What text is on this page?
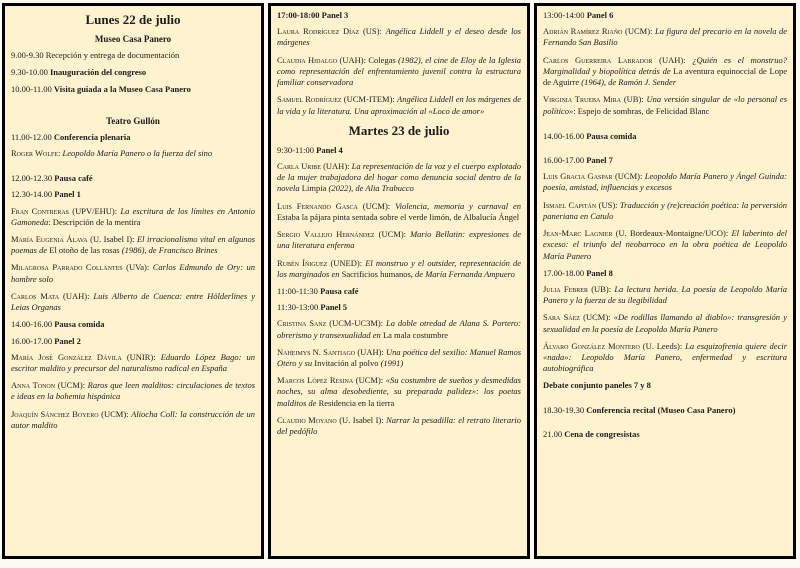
Lunes 22 de julio
Museo Casa Panero
9.00-9.30 Recepción y entrega de documentación
9.30-10.00 Inauguración del congreso
10.00-11.00 Visita guiada a la Museo Casa Panero
Teatro Gullón
11.00-12.00 Conferencia plenaria
Roger Wolfe: Leopoldo María Panero o la fuerza del sino
12.00-12.30 Pausa café
12.30-14.00 Panel 1
Fran Contreras (UPV/EHU): La escritura de los límites en Antonio Gamoneda: Descripción de la mentira
María Eugenia Álava (U. Isabel I): El irracionalismo vital en algunos poemas de El otoño de las rosas (1986), de Francisco Brines
Milagrosa Parrado Collantes (UVa): Carlos Edmundo de Ory: un hombre solo
Carlos Mata (UAH): Luis Alberto de Cuenca: entre Hölderlines y Leias Organas
14.00-16.00 Pausa comida
16.00-17.00 Panel 2
María José González Dávila (UNIR): Eduardo López Bago: un escritor maldito y precursor del naturalismo radical en España
Anna Tonon (UCM): Raros que leen malditos: circulaciones de textos e ideas en la bohemia hispánica
Joaquín Sánchez Boyero (UCM): Aliocha Coll: la construcción de un autor maldito
17:00-18:00 Panel 3
Laura Rodríguez Díaz (US): Angélica Liddell y el deseo desde los márgenes
Claudia Hidalgo (UAH): Colegas (1982), el cine de Eloy de la Iglesia como representación del enfrentamiento juvenil contra la estructura familiar conservadora
Samuel Rodríguez (UCM-ITEM): Angélica Liddell en los márgenes de la vida y la literatura. Una aproximación al «Loco de amor»
Martes 23 de julio
9:30-11:00 Panel 4
Carla Uribe (UAH): La representación de la voz y el cuerpo explotado de la mujer trabajadora del hogar como denuncia social dentro de la novela Limpia (2022), de Alia Trabucco
Luis Fernando Gasca (UCM): Violencia, memoria y carnaval en Estaba la pájara pinta sentada sobre el verde limón, de Albalucía Ángel
Sergio Vallejo Hernández (UCM): Mario Bellatin: expresiones de una literatura enferma
Rubén Íñiguez (UNED): El monstruo y el outsider, representación de los marginados en Sacrificios humanos, de María Fernanda Ampuero
11:00-11:30 Pausa café
11:30-13:00 Panel 5
Cristina Sanz (UCM-UC3M): La doble otredad de Alana S. Portero: obrerismo y transexualidad en La mala costumbre
Naheimys N. Santiago (UAH): Una poética del sexilio: Manuel Ramos Otero y su Invitación al polvo (1991)
Marcos López Resina (UCM): «Su costumbre de sueños y desmedidas noches, su alma desobediente, su preparada palidez»: los poetas malditos de Residencia en la tierra
Claudio Moyano (U. Isabel I): Narrar la pesadilla: el retrato literario del pedófilo
13:00-14:00 Panel 6
Adrián Ramírez Riaño (UCM): La figura del precario en la novela de Fernando San Basilio
Carlos Guerreira Labrador (UAH): ¿Quién es el monstruo? Marginalidad y biopolítica detrás de La aventura equinoccial de Lope de Aguirre (1964), de Ramón J. Sender
Virginia Trueba Mira (UB): Una versión singular de «lo personal es político»: Espejo de sombras, de Felicidad Blanc
14.00-16.00 Pausa comida
16.00-17.00 Panel 7
Luis Gracia Gaspar (UCM): Leopoldo María Panero y Ángel Guinda: poesía, amistad, influencias y excesos
Ismael Capitán (US): Traducción y (re)creación poética: la perversión paneriana en Catulo
Jean-Marc Lagnier (U. Bordeaux-Montaigne/UCO): El laberinto del exceso: el triunfo del neobarroco en la obra poética de Leopoldo María Panero
17.00-18.00 Panel 8
Julia Febrer (UB): La lectura herida. La poesía de Leopoldo María Panero y la fuerza de su ilegibilidad
Sara Sáez (UCM): «De rodillas llamando al diablo»: transgresión y sexualidad en la poesía de Leopoldo María Panero
Álvaro González Montero (U. Leeds): La esquizofrenia quiere decir «nada»: Leopoldo María Panero, enfermedad y escritura autobiográfica
Debate conjunto paneles 7 y 8
18.30-19.30 Conferencia recital (Museo Casa Panero)
21.00 Cena de congresistas
